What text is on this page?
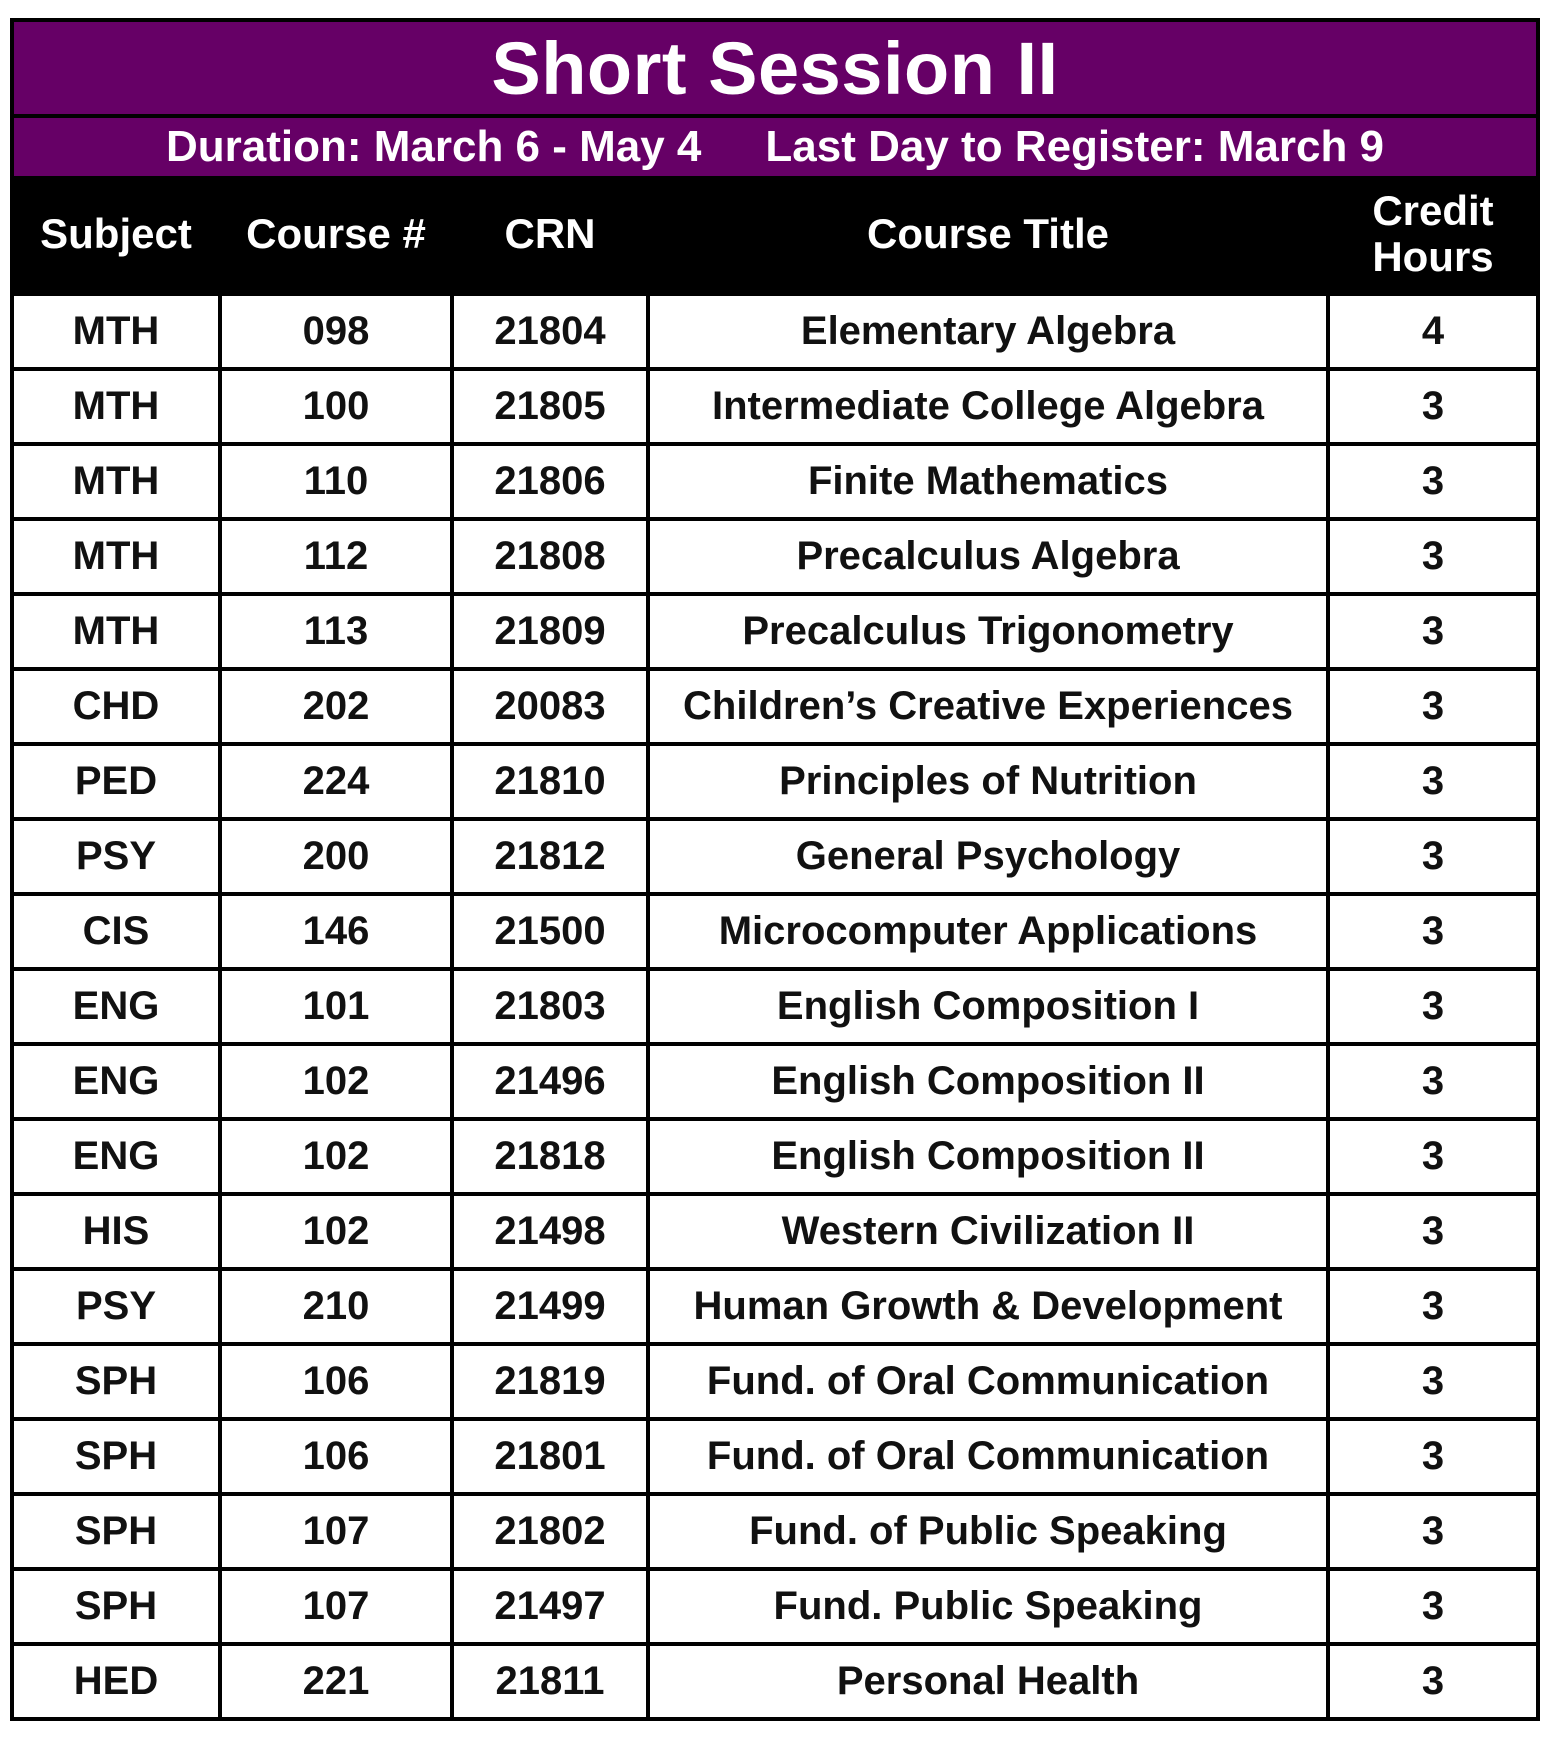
Short Session II
Duration: March 6 - May 4 Last Day to Register: March 9
Subject	Course #	CRN	Course Title	Credit
Hours

MTH	098	21804	Elementary Algebra	4
MTH	100	21805	Intermediate College Algebra	3
MTH	110	21806	Finite Mathematics	3
MTH	112	21808	Precalculus Algebra	3
MTH	113	21809	Precalculus Trigonometry	3
CHD	202	20083	Children’s Creative Experiences	3
PED	224	21810	Principles of Nutrition	3
PSY	200	21812	General Psychology	3
CIS	146	21500	Microcomputer Applications	3
ENG	101	21803	English Composition I	3
ENG	102	21496	English Composition II	3
ENG	102	21818	English Composition II	3
HIS	102	21498	Western Civilization II	3
PSY	210	21499	Human Growth & Development	3
SPH	106	21819	Fund. of Oral Communication	3
SPH	106	21801	Fund. of Oral Communication	3
SPH	107	21802	Fund. of Public Speaking	3
SPH	107	21497	Fund. Public Speaking	3
HED	221	21811	Personal Health	3
